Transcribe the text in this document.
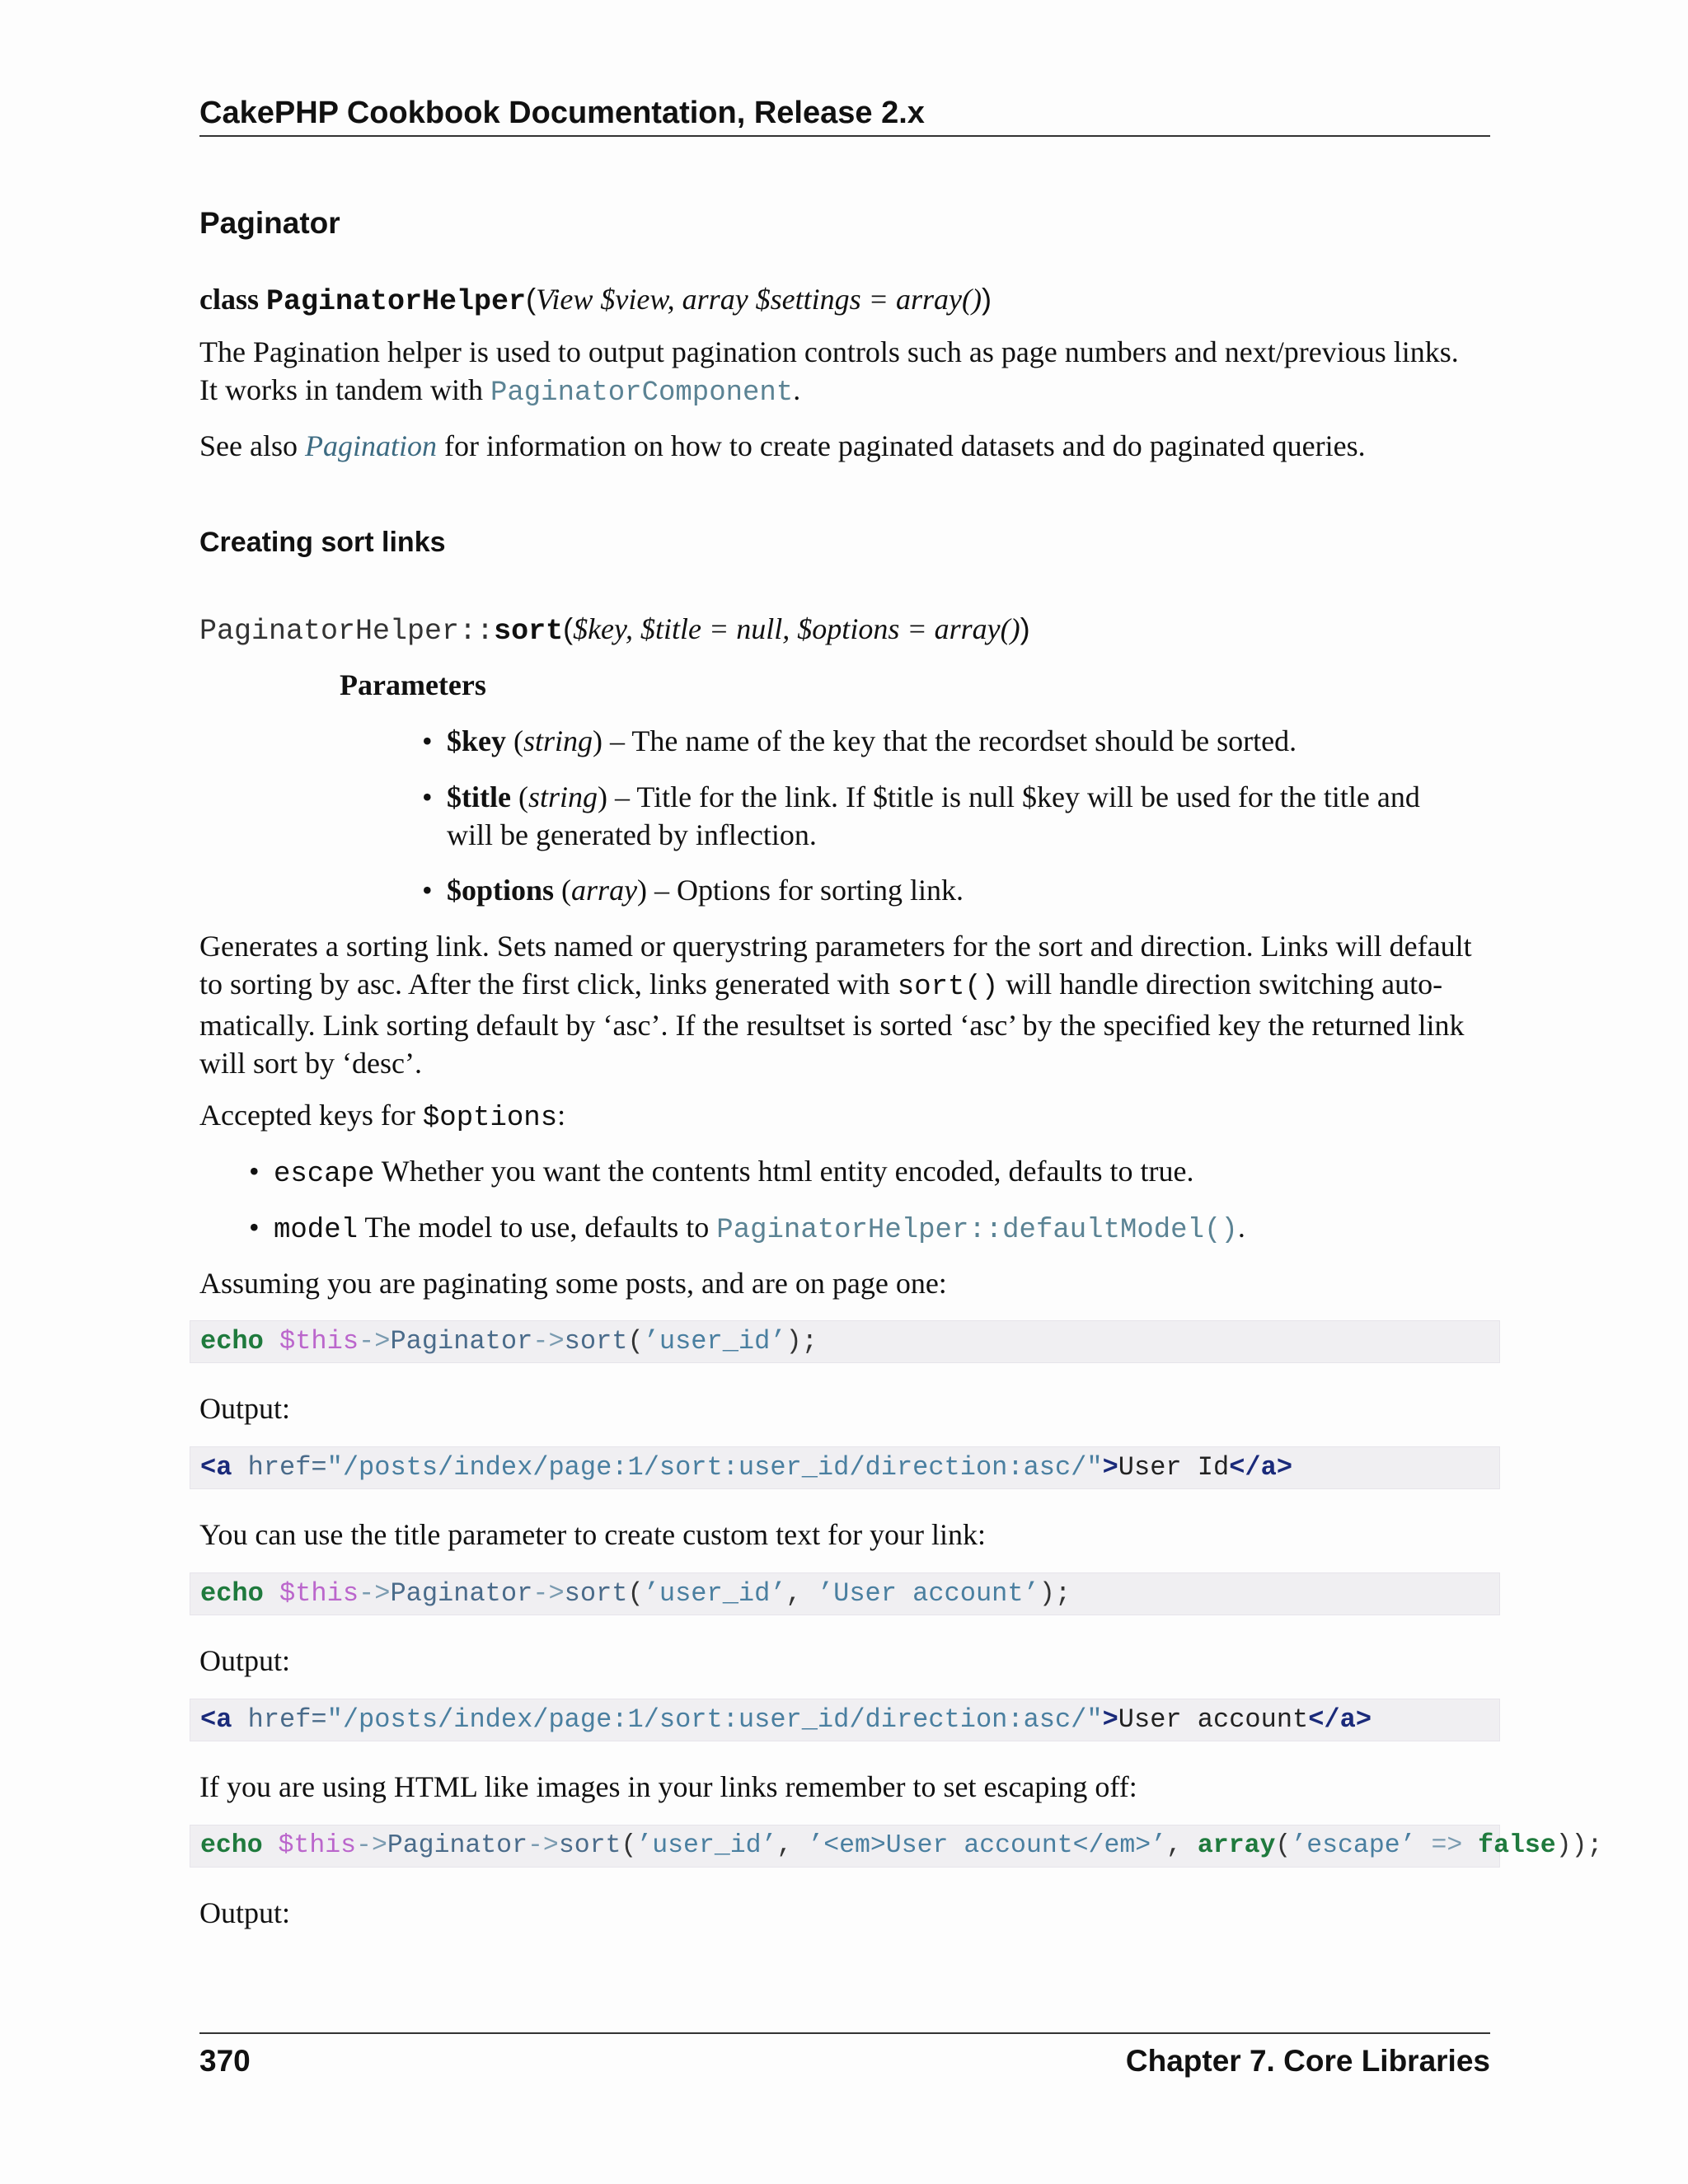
CakePHP Cookbook Documentation, Release 2.x
Paginator
class PaginatorHelper(View $view, array $settings = array())
The Pagination helper is used to output pagination controls such as page numbers and next/previous links.
It works in tandem with PaginatorComponent.
See also Pagination for information on how to create paginated datasets and do paginated queries.
Creating sort links
PaginatorHelper::sort($key, $title = null, $options = array())
Parameters
• $key (string) – The name of the key that the recordset should be sorted.
• $title (string) – Title for the link. If $title is null $key will be used for the title and
will be generated by inflection.
• $options (array) – Options for sorting link.
Generates a sorting link. Sets named or querystring parameters for the sort and direction. Links will default
to sorting by asc. After the first click, links generated with sort() will handle direction switching auto-
matically. Link sorting default by ‘asc’. If the resultset is sorted ‘asc’ by the specified key the returned link
will sort by ‘desc’.
Accepted keys for $options:
• escape Whether you want the contents html entity encoded, defaults to true.
• model The model to use, defaults to PaginatorHelper::defaultModel().
Assuming you are paginating some posts, and are on page one:

echo $this->Paginator->sort(’user_id’);

Output:

<a href="/posts/index/page:1/sort:user_id/direction:asc/">User Id</a>

You can use the title parameter to create custom text for your link:

echo $this->Paginator->sort(’user_id’, ’User account’);

Output:

<a href="/posts/index/page:1/sort:user_id/direction:asc/">User account</a>

If you are using HTML like images in your links remember to set escaping off:

echo $this->Paginator->sort(’user_id’, ’<em>User account</em>’, array(’escape’ => false));

Output:
370	Chapter 7. Core Libraries
